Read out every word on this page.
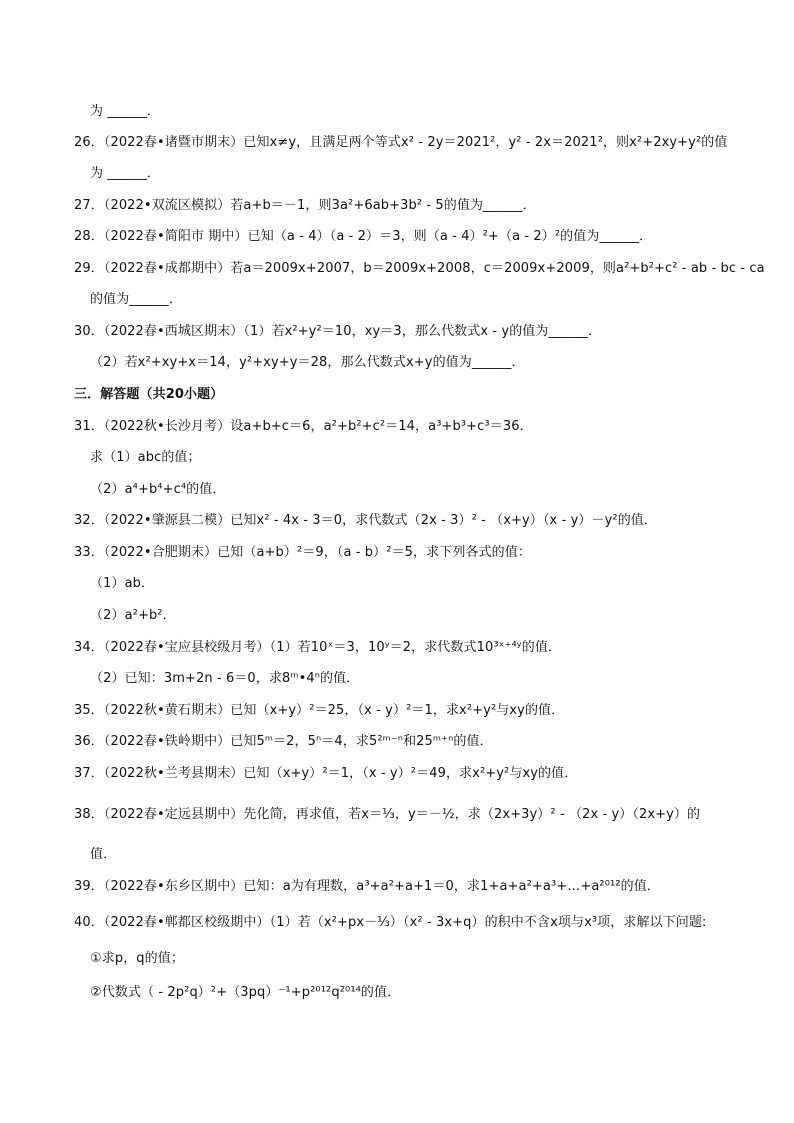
为 ______．
26．（2022春•诸暨市期末）已知x≠y，且满足两个等式x² - 2y＝2021²，y² - 2x＝2021²，则x²+2xy+y²的值
为 ______．
27．（2022•双流区模拟）若a+b＝－1，则3a²+6ab+3b² - 5的值为______．
28．（2022春•简阳市 期中）已知（a - 4）（a - 2）＝3，则（a - 4）²+（a - 2）²的值为______．
29．（2022春•成都期中）若a＝2009x+2007，b＝2009x+2008，c＝2009x+2009，则a²+b²+c² - ab - bc - ca
的值为______．
30．（2022春•西城区期末）（1）若x²+y²＝10，xy＝3，那么代数式x - y的值为______．
（2）若x²+xy+x＝14，y²+xy+y＝28，那么代数式x+y的值为______．
三．解答题（共20小题）
31．（2022秋•长沙月考）设a+b+c＝6，a²+b²+c²＝14，a³+b³+c³＝36．
求（1）abc的值；
（2）a⁴+b⁴+c⁴的值．
32．（2022•肇源县二模）已知x² - 4x - 3＝0，求代数式（2x - 3）² - （x+y）（x - y）－y²的值．
33．（2022•合肥期末）已知（a+b）²＝9，（a - b）²＝5，求下列各式的值：
（1）ab．
（2）a²+b²．
34．（2022春•宝应县校级月考）（1）若10ˣ＝3，10ʸ＝2，求代数式10³ˣ⁺⁴ʸ的值．
（2）已知：3m+2n - 6＝0，求8ᵐ•4ⁿ的值．
35．（2022秋•黄石期末）已知（x+y）²＝25，（x - y）²＝1，求x²+y²与xy的值．
36．（2022春•铁岭期中）已知5ᵐ＝2，5ⁿ＝4，求5²ᵐ⁻ⁿ和25ᵐ⁺ⁿ的值．
37．（2022秋•兰考县期末）已知（x+y）²＝1，（x - y）²＝49，求x²+y²与xy的值．
38．（2022春•定远县期中）先化简，再求值，若x＝⅓，y＝－½，求（2x+3y）² - （2x - y）（2x+y）的
值．
39．（2022春•东乡区期中）已知：a为有理数，a³+a²+a+1＝0，求1+a+a²+a³+…+a²⁰¹²的值．
40．（2022春•郸都区校级期中）（1）若（x²+px－⅓）（x² - 3x+q）的积中不含x项与x³项，求解以下问题:
①求p，q的值；
②代数式（ - 2p²q）²+（3pq）⁻¹+p²⁰¹²q²⁰¹⁴的值．
